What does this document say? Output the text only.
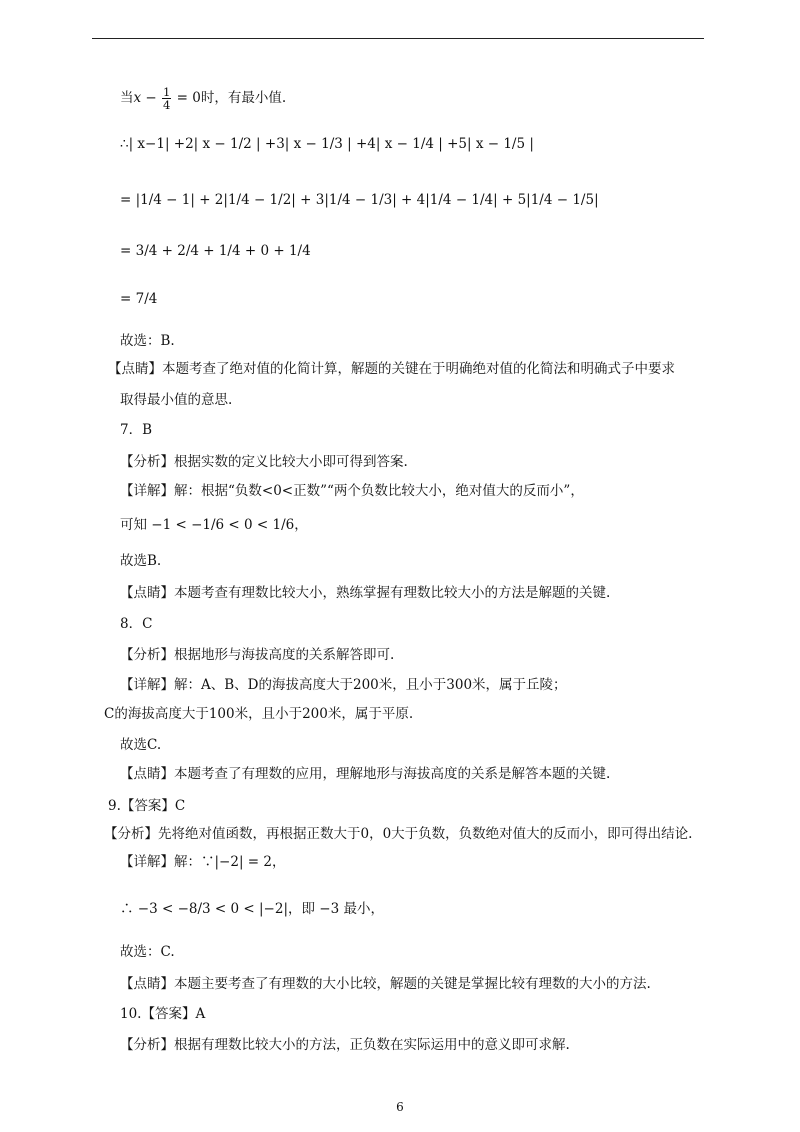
当$x - \frac{1}{4} = 0$时，有最小值.
∴| x−1| +2| x − 1/2 | +3| x − 1/3 | +4| x − 1/4 | +5| x − 1/5 |
= |1/4 − 1| + 2|1/4 − 1/2| + 3|1/4 − 1/3| + 4|1/4 − 1/4| + 5|1/4 − 1/5|
= 3/4 + 2/4 + 1/4 + 0 + 1/4
= 7/4
故选：B.
【点睛】本题考查了绝对值的化简计算，解题的关键在于明确绝对值的化简法和明确式子中要求
取得最小值的意思.
7．B
【分析】根据实数的定义比较大小即可得到答案.
【详解】解：根据“负数<0<正数”“两个负数比较大小，绝对值大的反而小”，
可知 −1 < −1/6 < 0 < 1/6，
故选B.
【点睛】本题考查有理数比较大小，熟练掌握有理数比较大小的方法是解题的关键.
8．C
【分析】根据地形与海拔高度的关系解答即可.
【详解】解：A、B、D的海拔高度大于200米，且小于300米，属于丘陵；
C的海拔高度大于100米，且小于200米，属于平原.
故选C.
【点睛】本题考查了有理数的应用，理解地形与海拔高度的关系是解答本题的关键.
9.【答案】C
【分析】先将绝对值函数，再根据正数大于0，0大于负数，负数绝对值大的反而小，即可得出结论.
【详解】解：∵|−2| = 2，
∴ −3 < −8/3 < 0 < |−2|，即 −3 最小，
故选：C.
【点睛】本题主要考查了有理数的大小比较，解题的关键是掌握比较有理数的大小的方法.
10.【答案】A
【分析】根据有理数比较大小的方法，正负数在实际运用中的意义即可求解.
6
